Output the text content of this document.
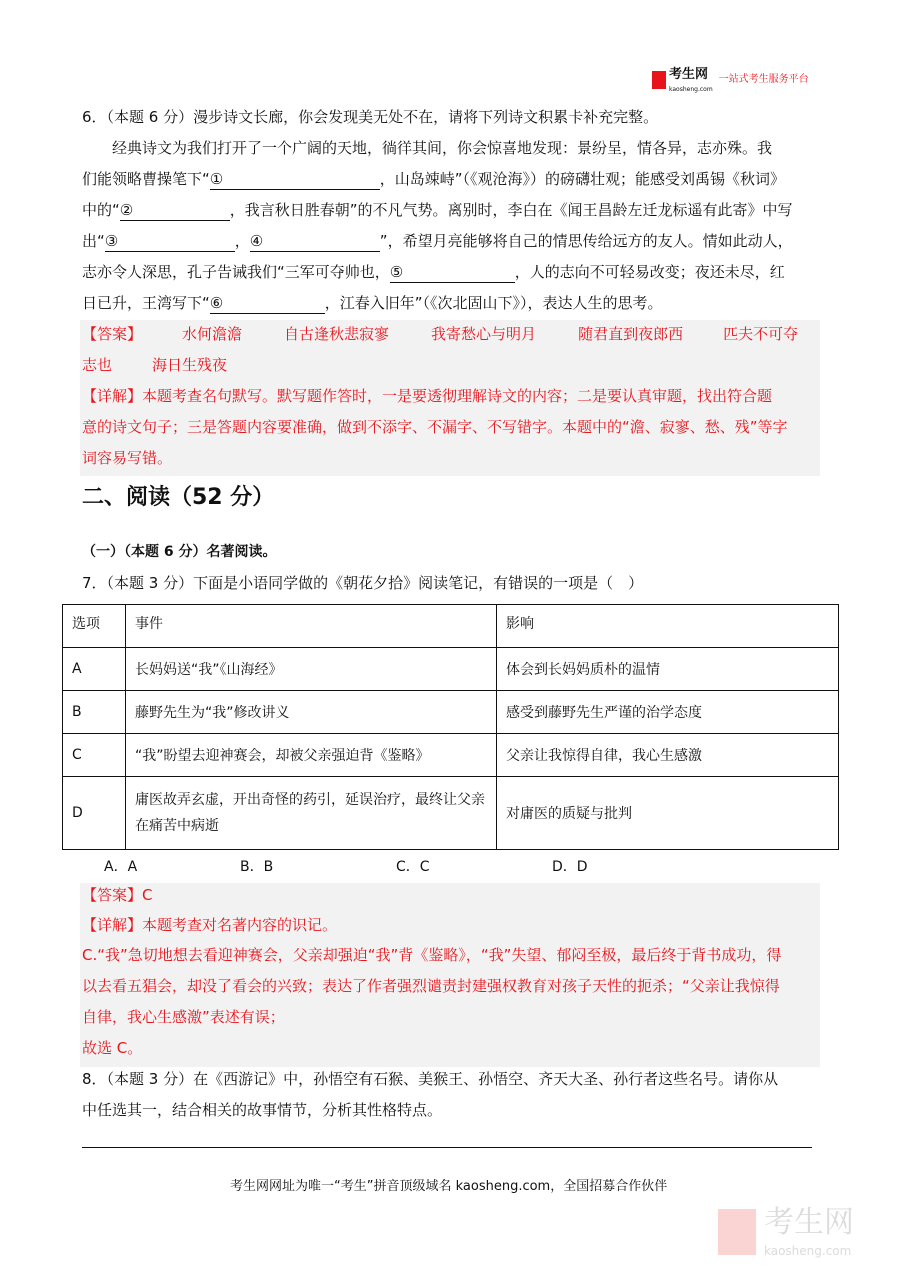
考生网
kaosheng.com
一站式考生服务平台
6．（本题 6 分）漫步诗文长廊，你会发现美无处不在，请将下列诗文积累卡补充完整。
经典诗文为我们打开了一个广阔的天地，徜徉其间，你会惊喜地发现：景纷呈，情各异，志亦殊。我
们能领略曹操笔下“①	，山岛竦峙”（《观沧海》）的磅礴壮观；能感受刘禹锡《秋词》
中的“②	，我言秋日胜春朝”的不凡气势。离别时，李白在《闻王昌龄左迁龙标遥有此寄》中写
出“③	，④	”，希望月亮能够将自己的情思传给远方的友人。情如此动人，
志亦令人深思，孔子告诫我们“三军可夺帅也，⑤	，人的志向不可轻易改变；夜还未尽，红
日已升，王湾写下“⑥	，江春入旧年”（《次北固山下》），表达人生的思考。
【答案】	水何澹澹	自古逢秋悲寂寥	我寄愁心与明月	随君直到夜郎西	匹夫不可夺
志也	海日生残夜
【详解】本题考查名句默写。默写题作答时，一是要透彻理解诗文的内容；二是要认真审题，找出符合题
意的诗文句子；三是答题内容要准确，做到不添字、不漏字、不写错字。本题中的“澹、寂寥、愁、残”等字
词容易写错。
二、阅读（52 分）
（一）（本题 6 分）名著阅读。
7．（本题 3 分）下面是小语同学做的《朝花夕拾》阅读笔记，有错误的一项是（　）
选项	事件	影响
A	长妈妈送“我”《山海经》	体会到长妈妈质朴的温情
B	藤野先生为“我”修改讲义	感受到藤野先生严谨的治学态度
C	“我”盼望去迎神赛会，却被父亲强迫背《鉴略》	父亲让我惊得自律，我心生感激
D	庸医故弄玄虚，开出奇怪的药引，延误治疗，最终让父亲在痛苦中病逝	对庸医的质疑与批判
A．A	B．B	C．C	D．D
【答案】C
【详解】本题考查对名著内容的识记。
C.“我”急切地想去看迎神赛会，父亲却强迫“我”背《鉴略》，“我”失望、郁闷至极，最后终于背书成功，得
以去看五猖会，却没了看会的兴致；表达了作者强烈谴责封建强权教育对孩子天性的扼杀；“父亲让我惊得
自律，我心生感激”表述有误；
故选 C。
8．（本题 3 分）在《西游记》中，孙悟空有石猴、美猴王、孙悟空、齐天大圣、孙行者这些名号。请你从
中任选其一，结合相关的故事情节，分析其性格特点。
考生网网址为唯一“考生”拼音顶级域名 kaosheng.com，全国招募合作伙伴
考生网
kaosheng.com
